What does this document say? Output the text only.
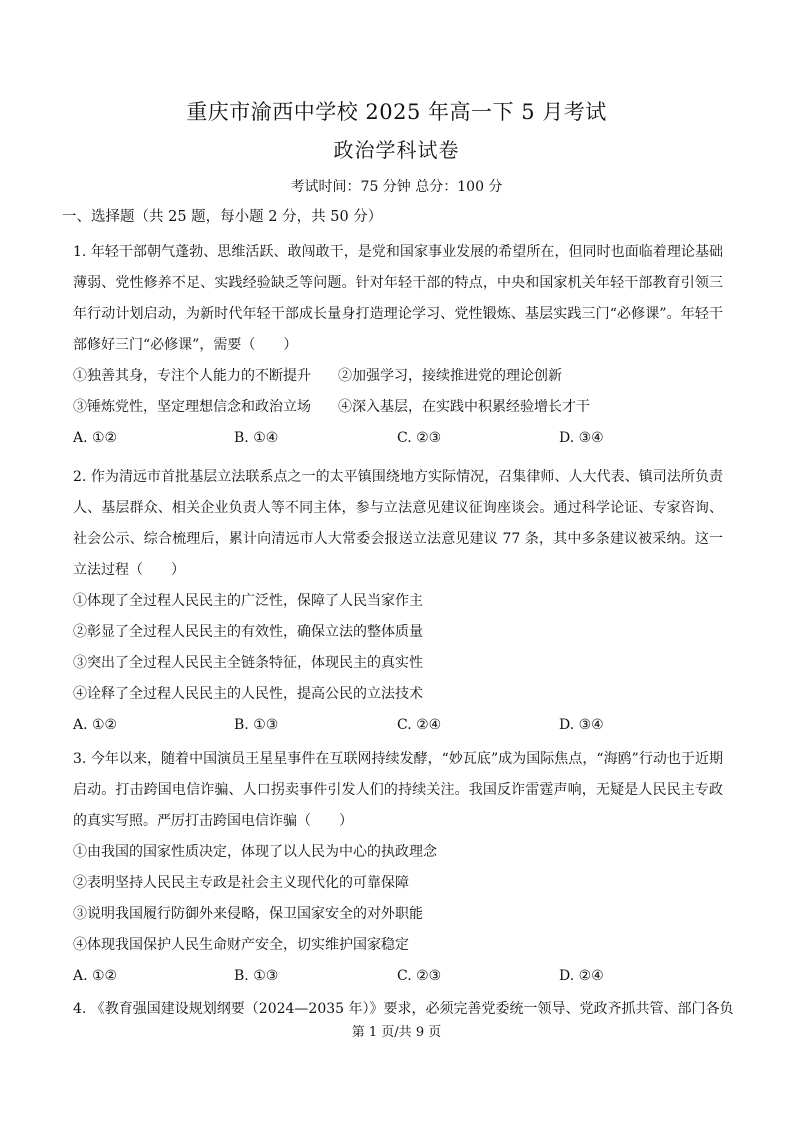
重庆市渝西中学校 2025 年高一下 5 月考试
政治学科试卷
考试时间：75 分钟 总分：100 分
一、选择题（共 25 题，每小题 2 分，共 50 分）

1. 年轻干部朝气蓬勃、思维活跃、敢闯敢干，是党和国家事业发展的希望所在，但同时也面临着理论基础薄弱、党性修养不足、实践经验缺乏等问题。针对年轻干部的特点，中央和国家机关年轻干部教育引领三年行动计划启动，为新时代年轻干部成长量身打造理论学习、党性锻炼、基层实践三门“必修课”。年轻干部修好三门“必修课”，需要（　　）

①独善其身，专注个人能力的不断提升 ②加强学习，接续推进党的理论创新

③锤炼党性，坚定理想信念和政治立场 ④深入基层，在实践中积累经验增长才干

A. ①②	B. ①④	C. ②③	D. ③④

2. 作为清远市首批基层立法联系点之一的太平镇围绕地方实际情况，召集律师、人大代表、镇司法所负责人、基层群众、相关企业负责人等不同主体，参与立法意见建议征询座谈会。通过科学论证、专家咨询、社会公示、综合梳理后，累计向清远市人大常委会报送立法意见建议 77 条，其中多条建议被采纳。这一立法过程（　　）

①体现了全过程人民民主的广泛性，保障了人民当家作主

②彰显了全过程人民民主的有效性，确保立法的整体质量

③突出了全过程人民民主全链条特征，体现民主的真实性

④诠释了全过程人民民主的人民性，提高公民的立法技术

A. ①②	B. ①③	C. ②④	D. ③④

3. 今年以来，随着中国演员王星星事件在互联网持续发酵，“妙瓦底”成为国际焦点，“海鸥”行动也于近期启动。打击跨国电信诈骗、人口拐卖事件引发人们的持续关注。我国反诈雷霆声响，无疑是人民民主专政的真实写照。严厉打击跨国电信诈骗（　　）

①由我国的国家性质决定，体现了以人民为中心的执政理念

②表明坚持人民民主专政是社会主义现代化的可靠保障

③说明我国履行防御外来侵略，保卫国家安全的对外职能

④体现我国保护人民生命财产安全，切实维护国家稳定

A. ①②	B. ①③	C. ②③	D. ②④

4. 《教育强国建设规划纲要（2024—2035 年）》要求，必须完善党委统一领导、党政齐抓共管、部门各负

第 1 页/共 9 页
